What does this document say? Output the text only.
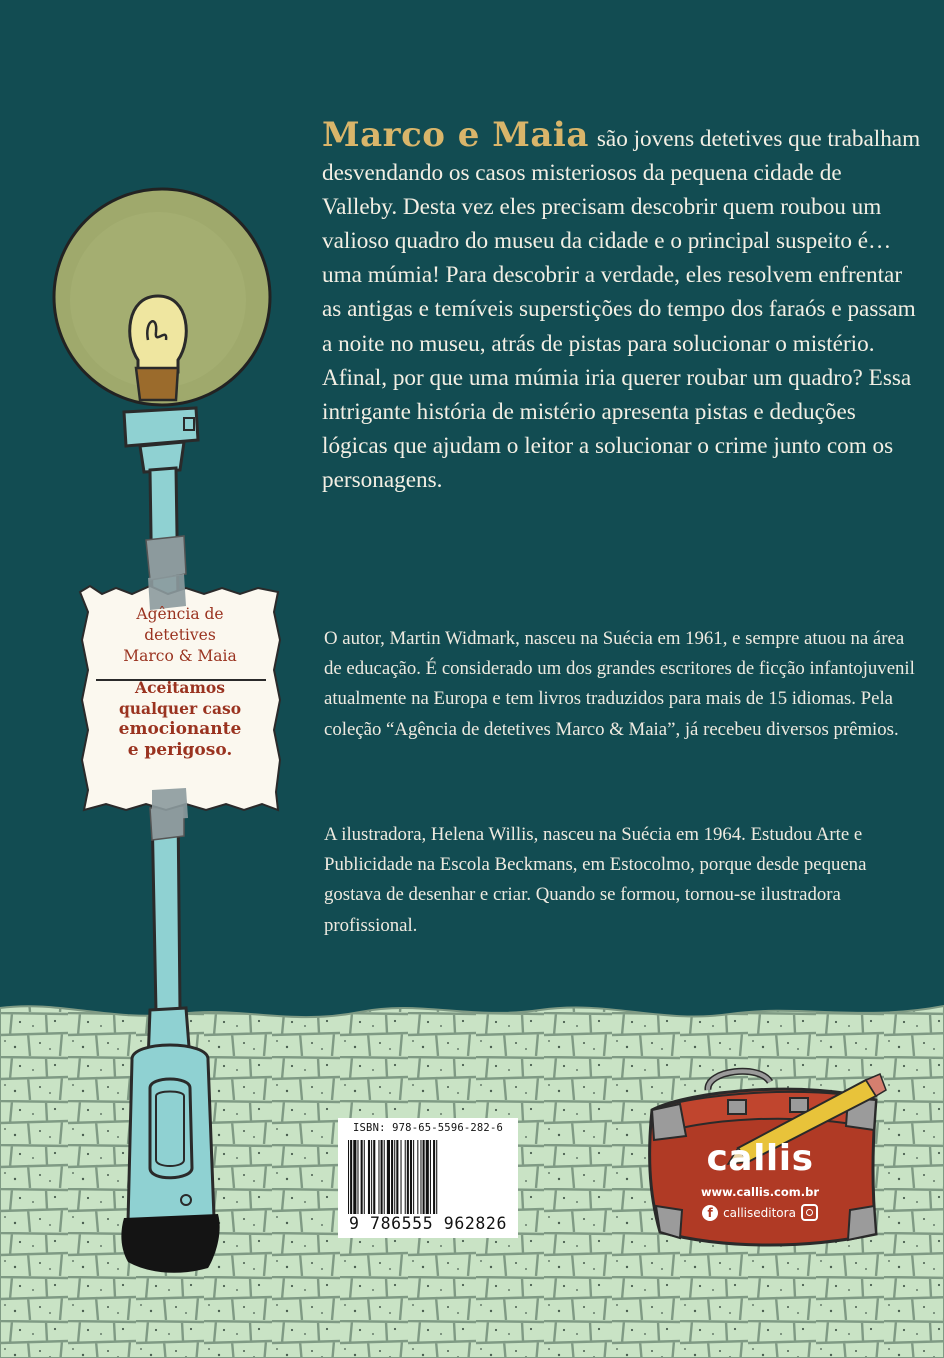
Marco e Maia são jovens detetives que trabalham desvendando os casos misteriosos da pequena cidade de Valleby. Desta vez eles precisam descobrir quem roubou um valioso quadro do museu da cidade e o principal suspeito é… uma múmia! Para descobrir a verdade, eles resolvem enfrentar as antigas e temíveis superstições do tempo dos faraós e passam a noite no museu, atrás de pistas para solucionar o mistério. Afinal, por que uma múmia iria querer roubar um quadro? Essa intrigante história de mistério apresenta pistas e deduções lógicas que ajudam o leitor a solucionar o crime junto com os personagens.

O autor, Martin Widmark, nasceu na Suécia em 1961, e sempre atuou na área de educação. É considerado um dos grandes escritores de ficção infantojuvenil atualmente na Europa e tem livros traduzidos para mais de 15 idiomas. Pela coleção “Agência de detetives Marco & Maia”, já recebeu diversos prêmios.

A ilustradora, Helena Willis, nasceu na Suécia em 1964. Estudou Arte e Publicidade na Escola Beckmans, em Estocolmo, porque desde pequena gostava de desenhar e criar. Quando se formou, tornou-se ilustradora profissional.

Agência de
detetives
Marco & Maia
Aceitamos
qualquer caso
emocionante
e perigoso.
ISBN: 978-65-5596-282-6
9 786555 962826
callis
www.callis.com.br
f calliseditora
